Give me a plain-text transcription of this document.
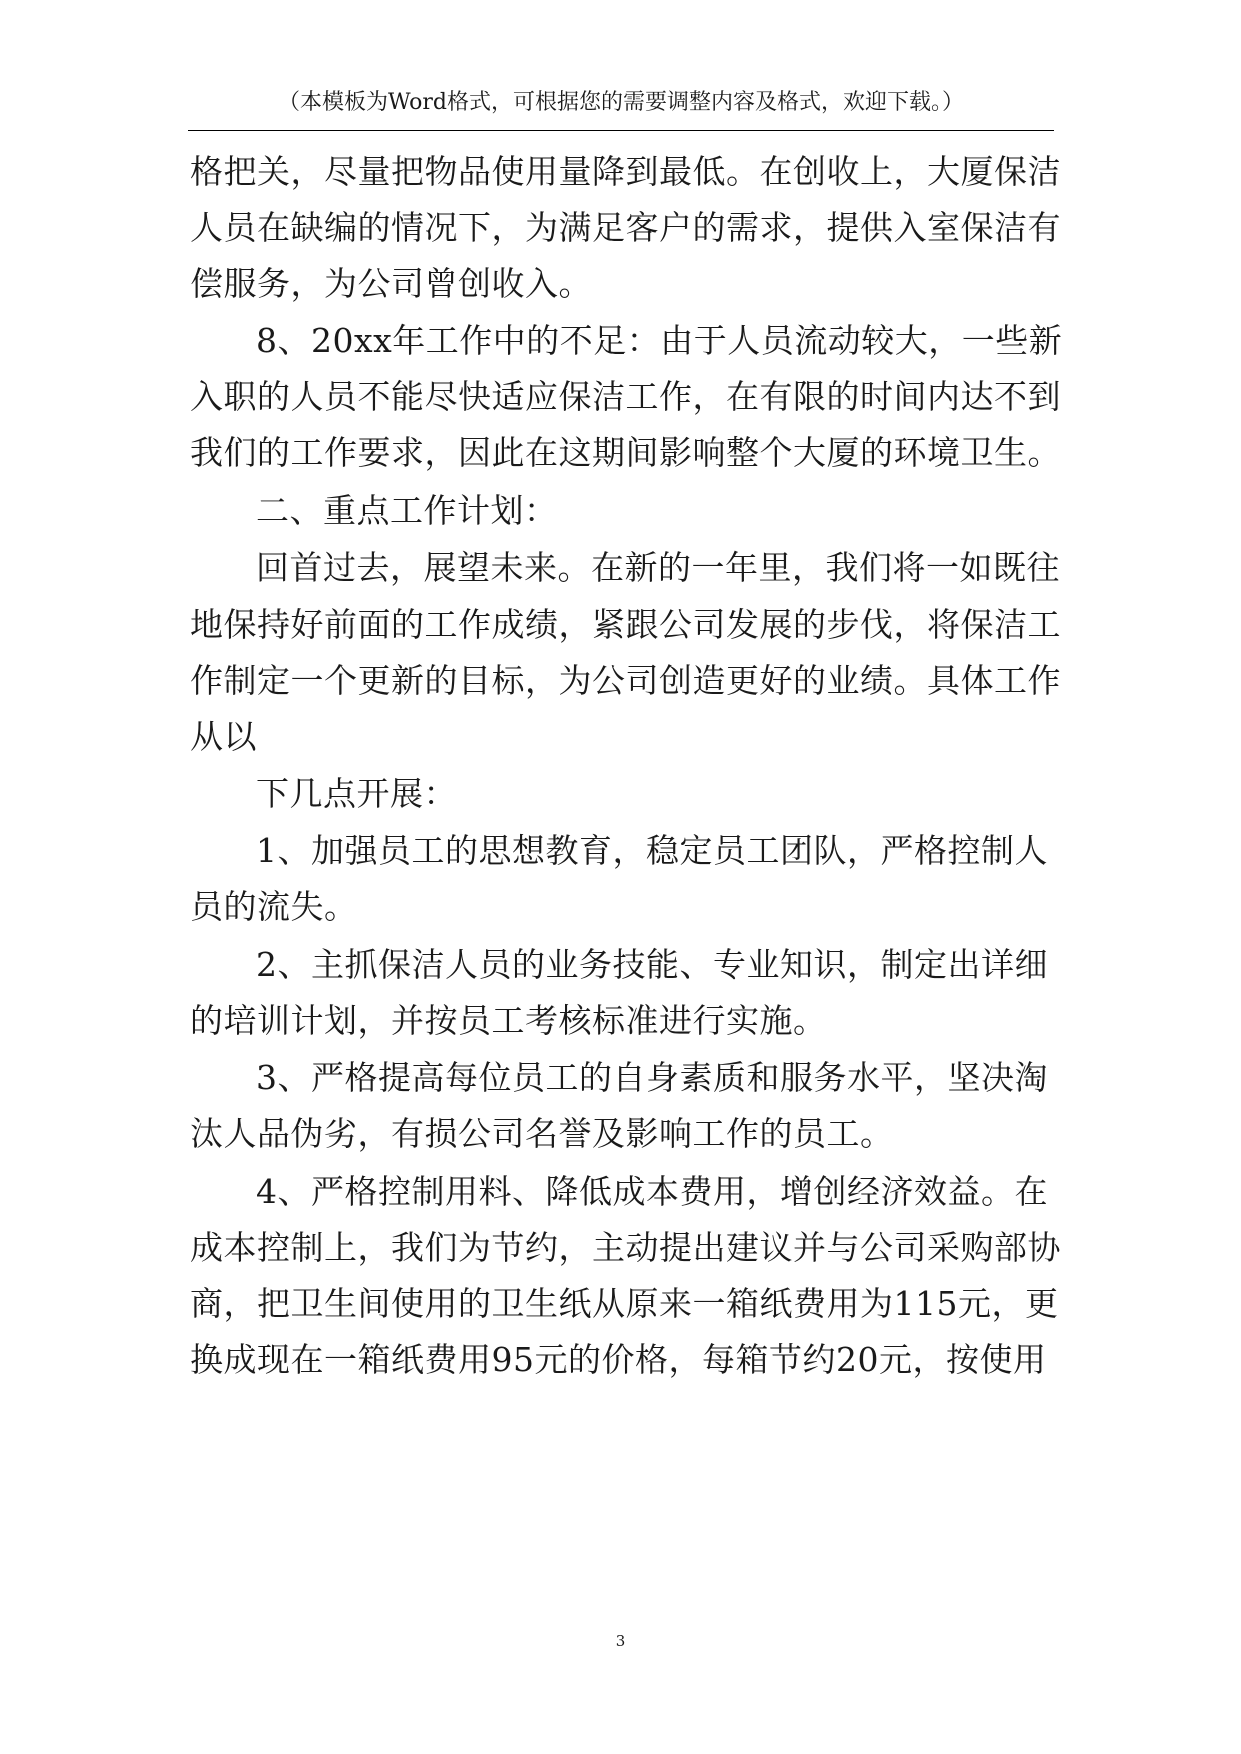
（本模板为Word格式，可根据您的需要调整内容及格式，欢迎下载。）
格把关，尽量把物品使用量降到最低。在创收上，大厦保洁
人员在缺编的情况下，为满足客户的需求，提供入室保洁有
偿服务，为公司曾创收入。
8、20xx年工作中的不足：由于人员流动较大，一些新
入职的人员不能尽快适应保洁工作，在有限的时间内达不到
我们的工作要求，因此在这期间影响整个大厦的环境卫生。
二、重点工作计划：
回首过去，展望未来。在新的一年里，我们将一如既往
地保持好前面的工作成绩，紧跟公司发展的步伐，将保洁工
作制定一个更新的目标，为公司创造更好的业绩。具体工作
从以
下几点开展：
1、加强员工的思想教育，稳定员工团队，严格控制人
员的流失。
2、主抓保洁人员的业务技能、专业知识，制定出详细
的培训计划，并按员工考核标准进行实施。
3、严格提高每位员工的自身素质和服务水平，坚决淘
汰人品伪劣，有损公司名誉及影响工作的员工。
4、严格控制用料、降低成本费用，增创经济效益。在
成本控制上，我们为节约，主动提出建议并与公司采购部协
商，把卫生间使用的卫生纸从原来一箱纸费用为115元，更
换成现在一箱纸费用95元的价格，每箱节约20元，按使用
3
